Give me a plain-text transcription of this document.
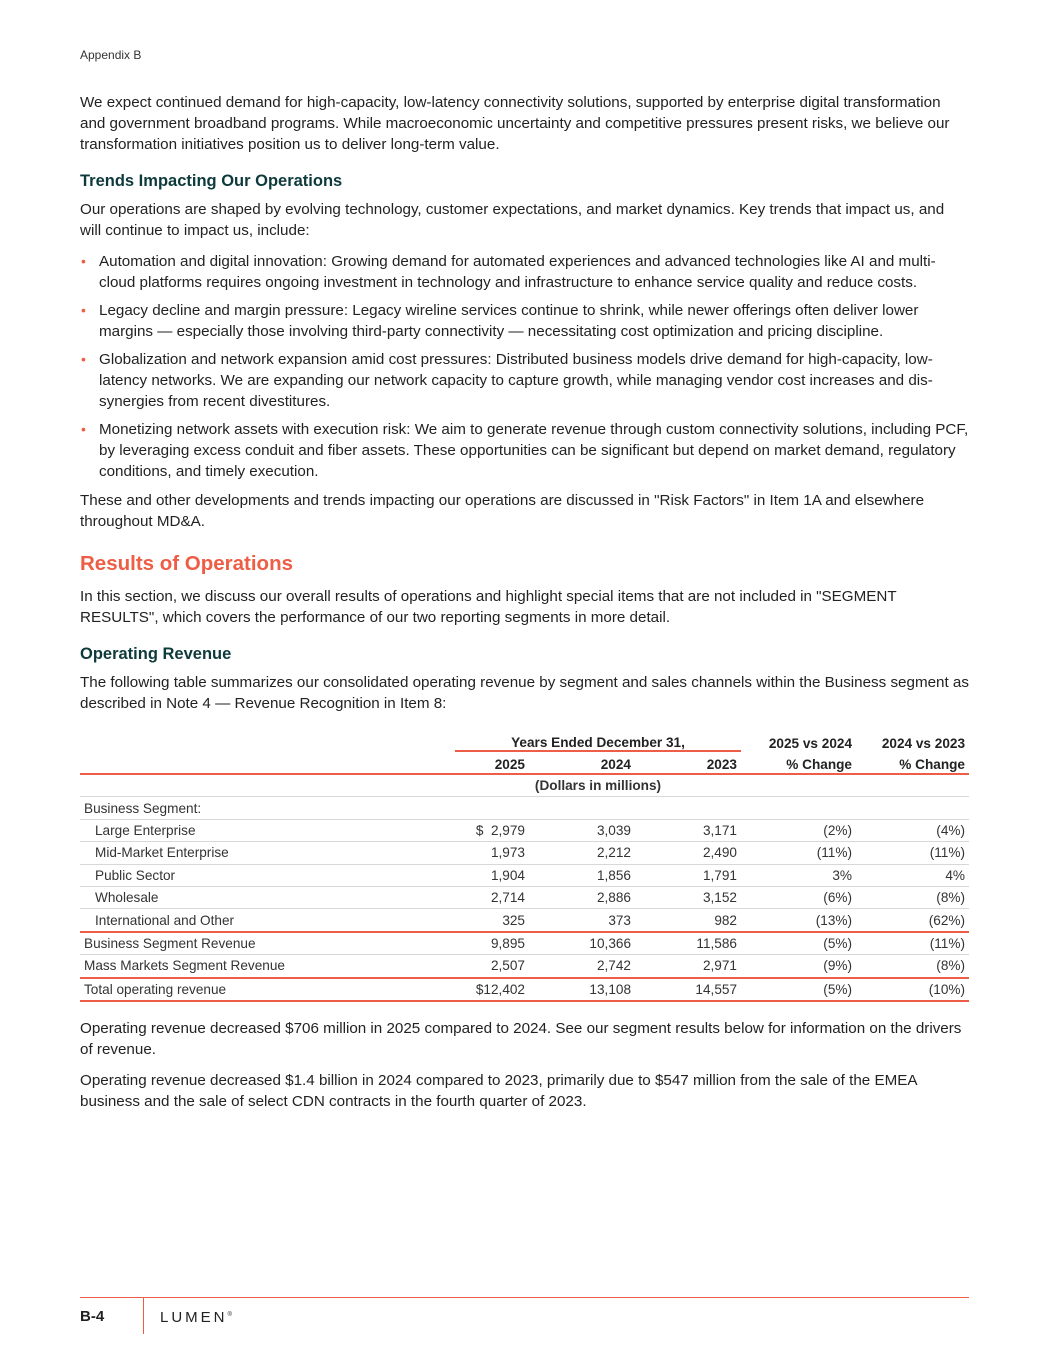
Appendix B

We expect continued demand for high-capacity, low-latency connectivity solutions, supported by enterprise digital transformation and government broadband programs. While macroeconomic uncertainty and competitive pressures present risks, we believe our transformation initiatives position us to deliver long-term value.

Trends Impacting Our Operations

Our operations are shaped by evolving technology, customer expectations, and market dynamics. Key trends that impact us, and will continue to impact us, include:

• Automation and digital innovation: Growing demand for automated experiences and advanced technologies like AI and multi-cloud platforms requires ongoing investment in technology and infrastructure to enhance service quality and reduce costs.
• Legacy decline and margin pressure: Legacy wireline services continue to shrink, while newer offerings often deliver lower margins — especially those involving third-party connectivity — necessitating cost optimization and pricing discipline.
• Globalization and network expansion amid cost pressures: Distributed business models drive demand for high-capacity, low-latency networks. We are expanding our network capacity to capture growth, while managing vendor cost increases and dis-synergies from recent divestitures.
• Monetizing network assets with execution risk: We aim to generate revenue through custom connectivity solutions, including PCF, by leveraging excess conduit and fiber assets. These opportunities can be significant but depend on market demand, regulatory conditions, and timely execution.

These and other developments and trends impacting our operations are discussed in "Risk Factors" in Item 1A and elsewhere throughout MD&A.

Results of Operations

In this section, we discuss our overall results of operations and highlight special items that are not included in "SEGMENT RESULTS", which covers the performance of our two reporting segments in more detail.

Operating Revenue

The following table summarizes our consolidated operating revenue by segment and sales channels within the Business segment as described in Note 4 — Revenue Recognition in Item 8:

	Years Ended December 31,			2025 vs 2024	2024 vs 2023
	2025	2024	2023	% Change	% Change
	(Dollars in millions)				
Business Segment:					
Large Enterprise	$  2,979	3,039	3,171	(2%)	(4%)
Mid-Market Enterprise	1,973	2,212	2,490	(11%)	(11%)
Public Sector	1,904	1,856	1,791	3%	4%
Wholesale	2,714	2,886	3,152	(6%)	(8%)
International and Other	325	373	982	(13%)	(62%)
Business Segment Revenue	9,895	10,366	11,586	(5%)	(11%)
Mass Markets Segment Revenue	2,507	2,742	2,971	(9%)	(8%)
Total operating revenue	$12,402	13,108	14,557	(5%)	(10%)

Operating revenue decreased $706 million in 2025 compared to 2024. See our segment results below for information on the drivers of revenue.

Operating revenue decreased $1.4 billion in 2024 compared to 2023, primarily due to $547 million from the sale of the EMEA business and the sale of select CDN contracts in the fourth quarter of 2023.

B-4	LUMEN®
